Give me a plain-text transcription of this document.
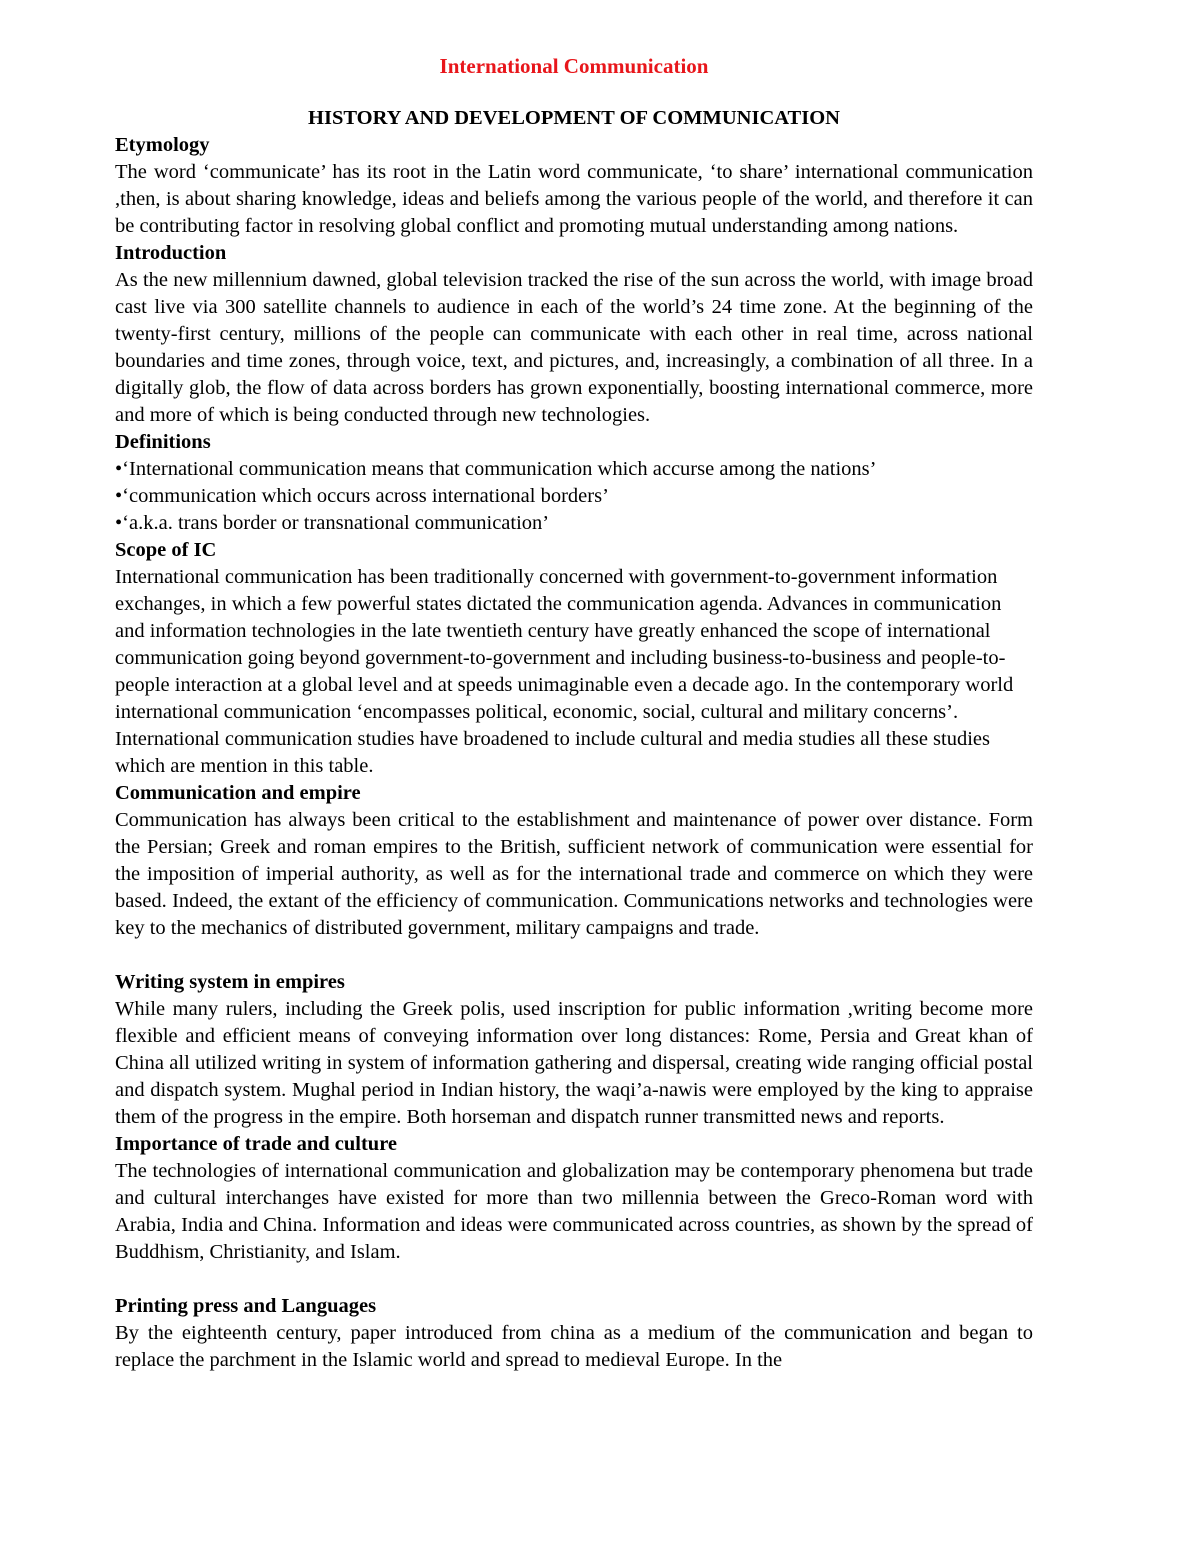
International Communication

HISTORY AND DEVELOPMENT OF COMMUNICATION

Etymology

The word ‘communicate’ has its root in the Latin word communicate, ‘to share’ international communication ,then, is about sharing knowledge, ideas and beliefs among the various people of the world, and therefore it can be contributing factor in resolving global conflict and promoting mutual understanding among nations.

Introduction

As the new millennium dawned, global television tracked the rise of the sun across the world, with image broad cast live via 300 satellite channels to audience in each of the world’s 24 time zone. At the beginning of the twenty-first century, millions of the people can communicate with each other in real time, across national boundaries and time zones, through voice, text, and pictures, and, increasingly, a combination of all three. In a digitally glob, the flow of data across borders has grown exponentially, boosting international commerce, more and more of which is being conducted through new technologies.

Definitions

•‘International communication means that communication which accurse among the nations’
•‘communication which occurs across international borders’
•‘a.k.a. trans border or transnational communication’

Scope of IC

International communication has been traditionally concerned with government-to-government information exchanges, in which a few powerful states dictated the communication agenda. Advances in communication and information technologies in the late twentieth century have greatly enhanced the scope of international communication going beyond government-to-government and including business-to-business and people-to- people interaction at a global level and at speeds unimaginable even a decade ago. In the contemporary world international communication ‘encompasses political, economic, social, cultural and military concerns’. International communication studies have broadened to include cultural and media studies all these studies which are mention in this table.

Communication and empire

Communication has always been critical to the establishment and maintenance of power over distance. Form the Persian; Greek and roman empires to the British, sufficient network of communication were essential for the imposition of imperial authority, as well as for the international trade and commerce on which they were based. Indeed, the extant of the efficiency of communication. Communications networks and technologies were key to the mechanics of distributed government, military campaigns and trade.

Writing system in empires

While many rulers, including the Greek polis, used inscription for public information ,writing become more flexible and efficient means of conveying information over long distances: Rome, Persia and Great khan of China all utilized writing in system of information gathering and dispersal, creating wide ranging official postal and dispatch system. Mughal period in Indian history, the waqi’a-nawis were employed by the king to appraise them of the progress in the empire. Both horseman and dispatch runner transmitted news and reports.

Importance of trade and culture

The technologies of international communication and globalization may be contemporary phenomena but trade and cultural interchanges have existed for more than two millennia between the Greco-Roman word with Arabia, India and China. Information and ideas were communicated across countries, as shown by the spread of Buddhism, Christianity, and Islam.

Printing press and Languages

By the eighteenth century, paper introduced from china as a medium of the communication and began to replace the parchment in the Islamic world and spread to medieval Europe. In the
